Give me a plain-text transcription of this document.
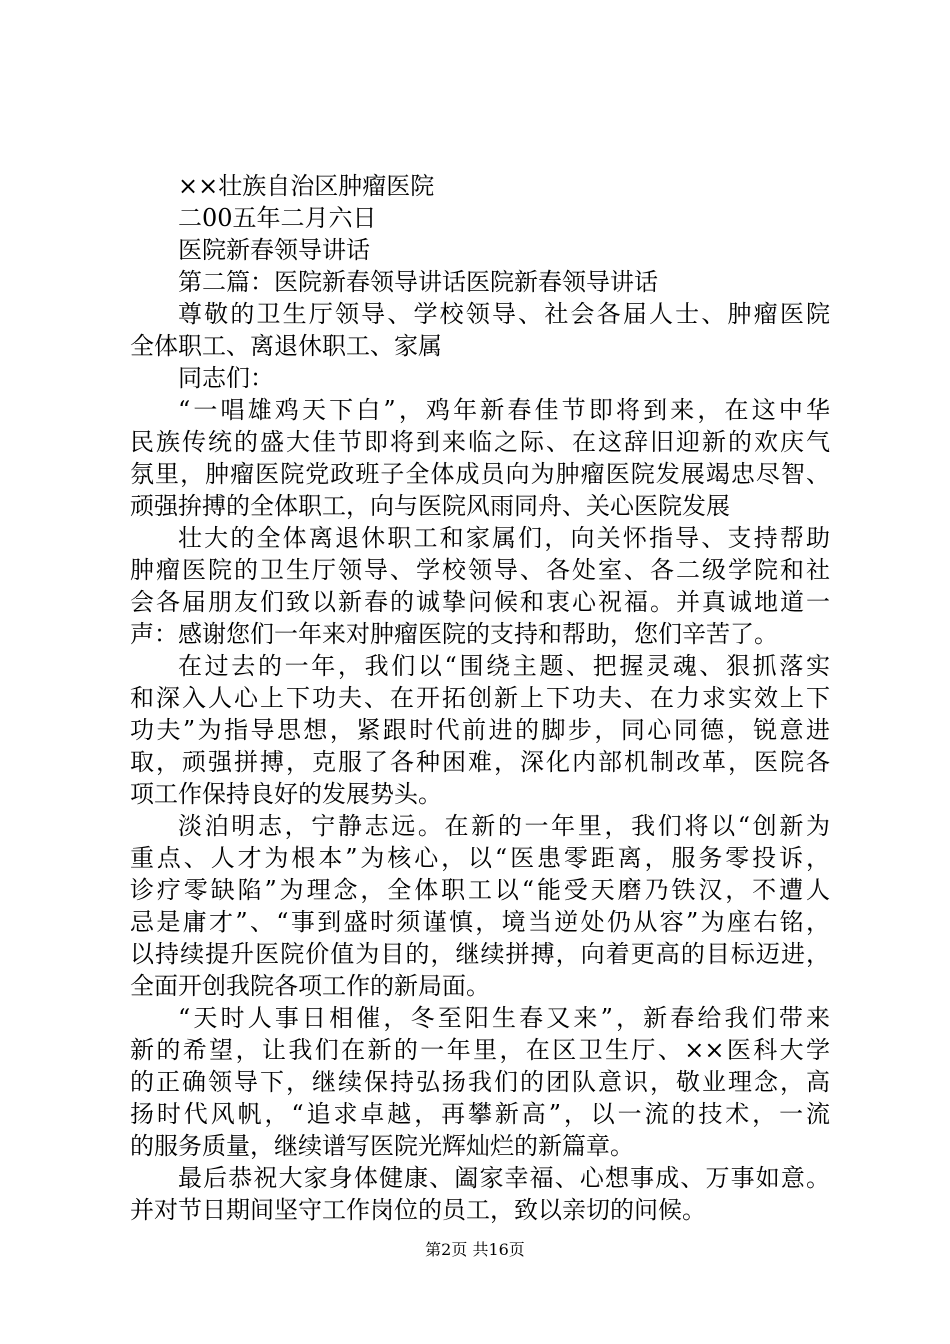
××壮族自治区肿瘤医院
二00五年二月六日
医院新春领导讲话
第二篇：医院新春领导讲话医院新春领导讲话
尊敬的卫生厅领导、学校领导、社会各届人士、肿瘤医院
全体职工、离退休职工、家属
同志们：
“一唱雄鸡天下白”，鸡年新春佳节即将到来，在这中华
民族传统的盛大佳节即将到来临之际、在这辞旧迎新的欢庆气
氛里，肿瘤医院党政班子全体成员向为肿瘤医院发展竭忠尽智、
顽强拚搏的全体职工，向与医院风雨同舟、关心医院发展
壮大的全体离退休职工和家属们，向关怀指导、支持帮助
肿瘤医院的卫生厅领导、学校领导、各处室、各二级学院和社
会各届朋友们致以新春的诚挚问候和衷心祝福。并真诚地道一
声：感谢您们一年来对肿瘤医院的支持和帮助，您们辛苦了。
在过去的一年，我们以“围绕主题、把握灵魂、狠抓落实
和深入人心上下功夫、在开拓创新上下功夫、在力求实效上下
功夫”为指导思想，紧跟时代前进的脚步，同心同德，锐意进
取，顽强拼搏，克服了各种困难，深化内部机制改革，医院各
项工作保持良好的发展势头。
淡泊明志，宁静志远。在新的一年里，我们将以“创新为
重点、人才为根本”为核心，以“医患零距离，服务零投诉，
诊疗零缺陷”为理念，全体职工以“能受天磨乃铁汉，不遭人
忌是庸才”、“事到盛时须谨慎，境当逆处仍从容”为座右铭，
以持续提升医院价值为目的，继续拼搏，向着更高的目标迈进，
全面开创我院各项工作的新局面。
“天时人事日相催，冬至阳生春又来”，新春给我们带来
新的希望，让我们在新的一年里，在区卫生厅、××医科大学
的正确领导下，继续保持弘扬我们的团队意识，敬业理念，高
扬时代风帆，“追求卓越，再攀新高”，以一流的技术，一流
的服务质量，继续谱写医院光辉灿烂的新篇章。
最后恭祝大家身体健康、阖家幸福、心想事成、万事如意。
并对节日期间坚守工作岗位的员工，致以亲切的问候。
第2页 共16页
